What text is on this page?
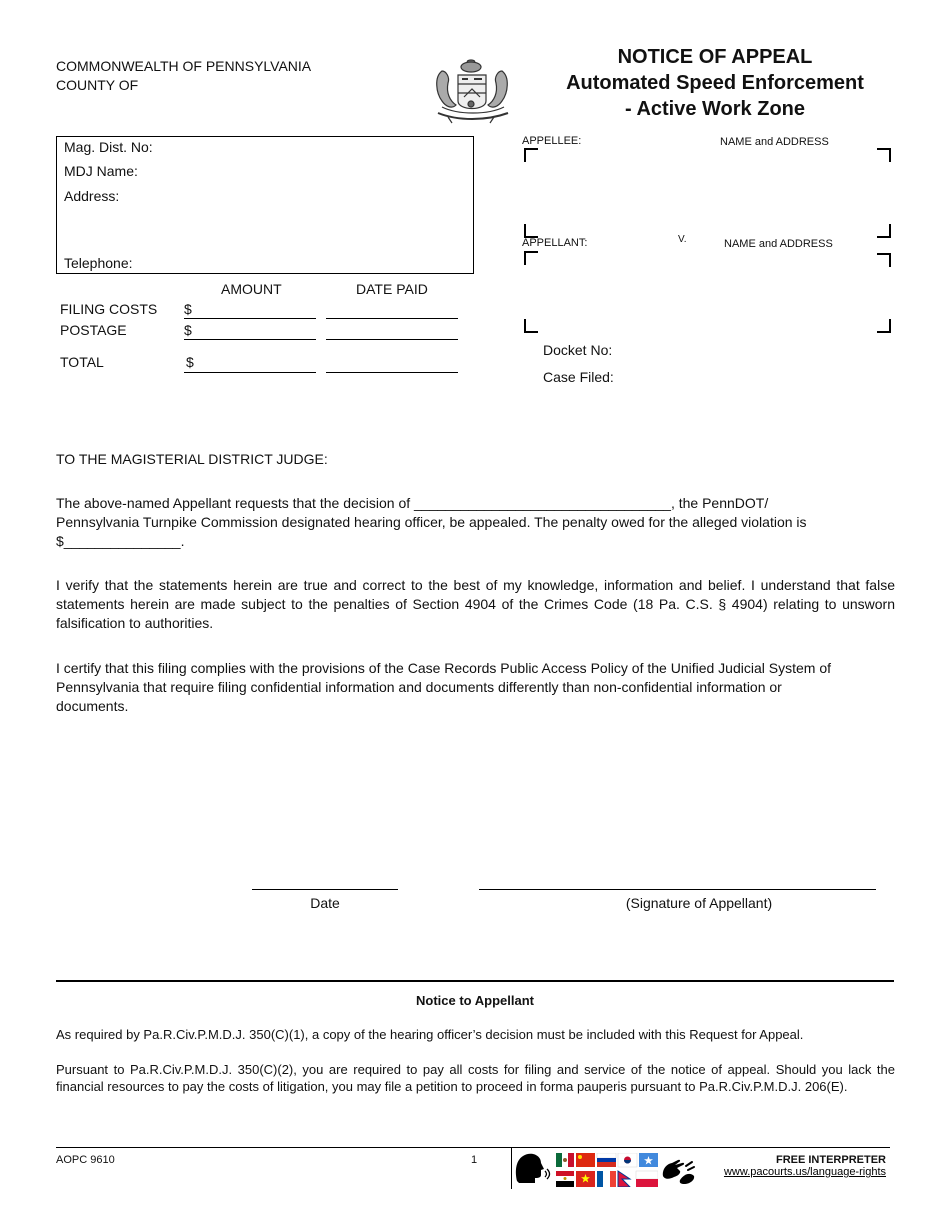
COMMONWEALTH OF PENNSYLVANIA
COUNTY OF
NOTICE OF APPEAL
Automated Speed Enforcement
- Active Work Zone
Mag. Dist. No:
MDJ Name:
Address:
Telephone:
AMOUNT	DATE PAID
FILING COSTS $
POSTAGE	$
TOTAL	$
APPELLEE:	NAME and ADDRESS
V.
APPELLANT:	NAME and ADDRESS
Docket No:
Case Filed:
TO THE MAGISTERIAL DISTRICT JUDGE:
The above-named Appellant requests that the decision of _________________________________, the PennDOT/
Pennsylvania Turnpike Commission designated hearing officer, be appealed. The penalty owed for the alleged violation is
$_______________.
I verify that the statements herein are true and correct to the best of my knowledge, information and belief. I understand that false statements herein are made subject to the penalties of Section 4904 of the Crimes Code (18 Pa. C.S. § 4904) relating to unsworn falsification to authorities.
I certify that this filing complies with the provisions of the Case Records Public Access Policy of the Unified Judicial System of Pennsylvania that require filing confidential information and documents differently than non-confidential information or documents.
Date	(Signature of Appellant)
Notice to Appellant
As required by Pa.R.Civ.P.M.D.J. 350(C)(1), a copy of the hearing officer’s decision must be included with this Request for Appeal.
Pursuant to Pa.R.Civ.P.M.D.J. 350(C)(2), you are required to pay all costs for filing and service of the notice of appeal. Should you lack the financial resources to pay the costs of litigation, you may file a petition to proceed in forma pauperis pursuant to Pa.R.Civ.P.M.D.J. 206(E).
AOPC 9610	1	FREE INTERPRETER
www.pacourts.us/language-rights
